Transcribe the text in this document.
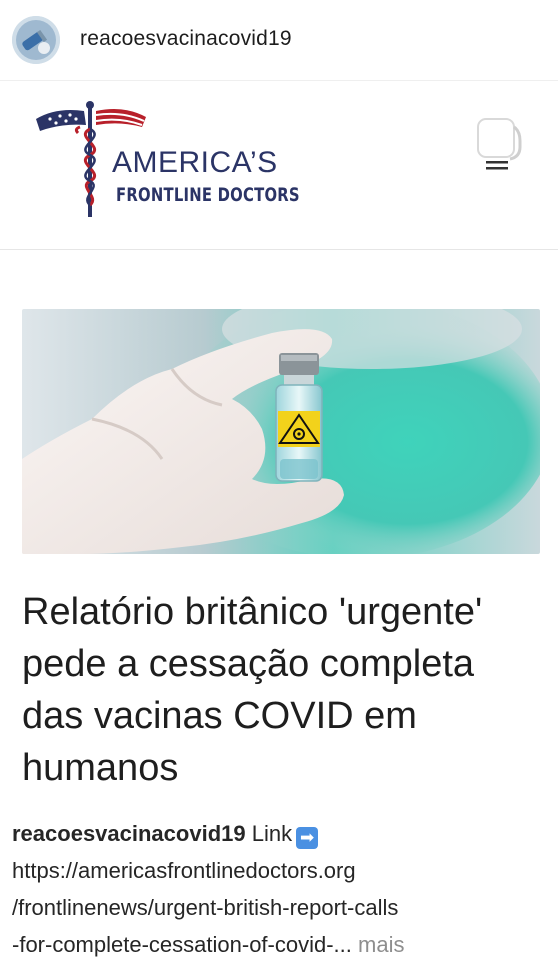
reacoesvacinacovid19
AMERICA’S
FRONTLINE DOCTORS
Relatório britânico 'urgente' pede a cessação completa das vacinas COVID em humanos
reacoesvacinacovid19 Link ➡
https://americasfrontlinedoctors.org
/frontlinenews/urgent-british-report-calls
-for-complete-cessation-of-covid-... mais
